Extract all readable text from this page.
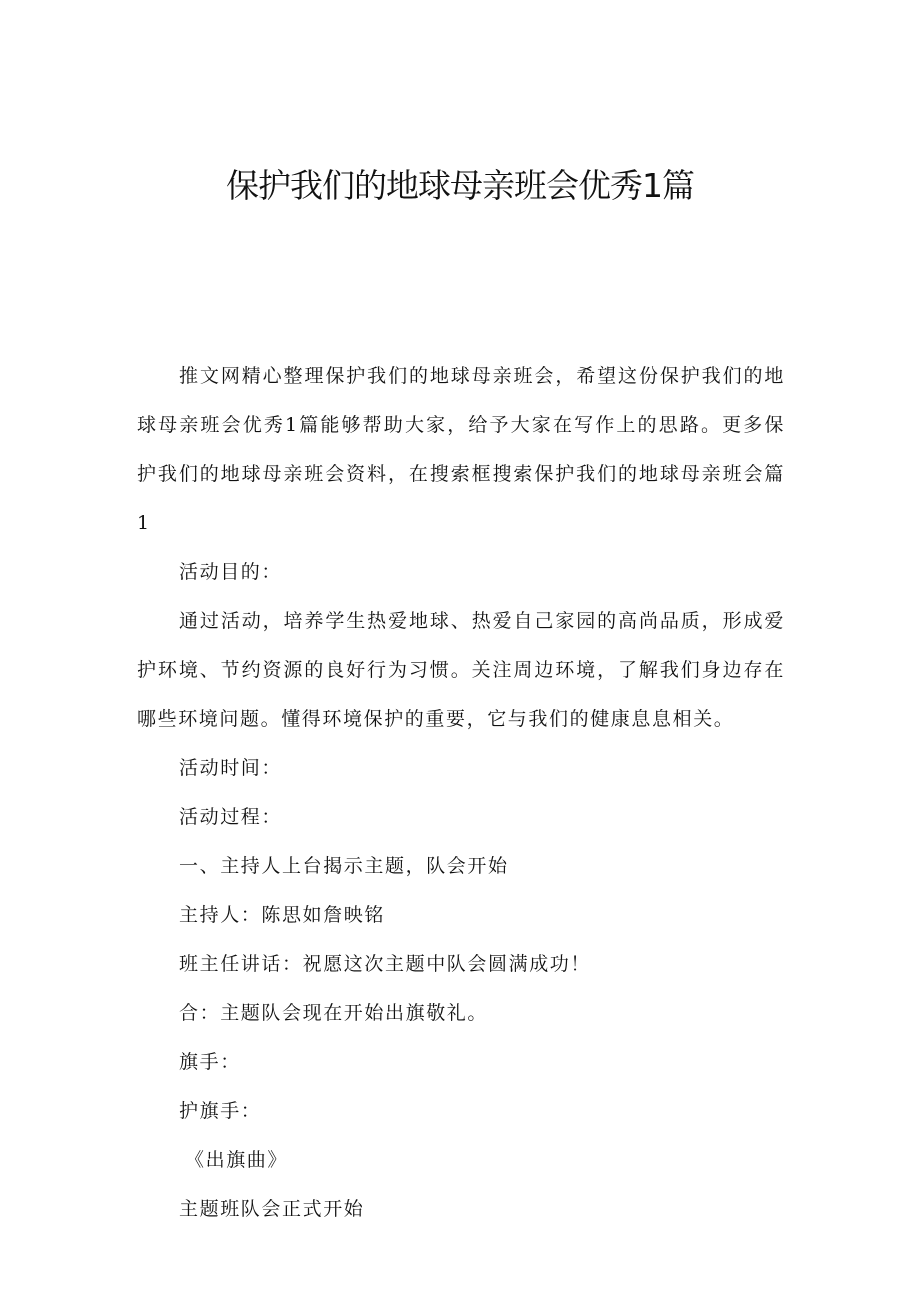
保护我们的地球母亲班会优秀1篇

推文网精心整理保护我们的地球母亲班会，希望这份保护我们的地球母亲班会优秀1篇能够帮助大家，给予大家在写作上的思路。更多保护我们的地球母亲班会资料，在搜索框搜索保护我们的地球母亲班会篇1

活动目的：

通过活动，培养学生热爱地球、热爱自己家园的高尚品质，形成爱护环境、节约资源的良好行为习惯。关注周边环境，了解我们身边存在哪些环境问题。懂得环境保护的重要，它与我们的健康息息相关。

活动时间：

活动过程：

一、主持人上台揭示主题，队会开始

主持人：陈思如詹映铭

班主任讲话：祝愿这次主题中队会圆满成功！

合：主题队会现在开始出旗敬礼。

旗手：

护旗手：

《出旗曲》

主题班队会正式开始
